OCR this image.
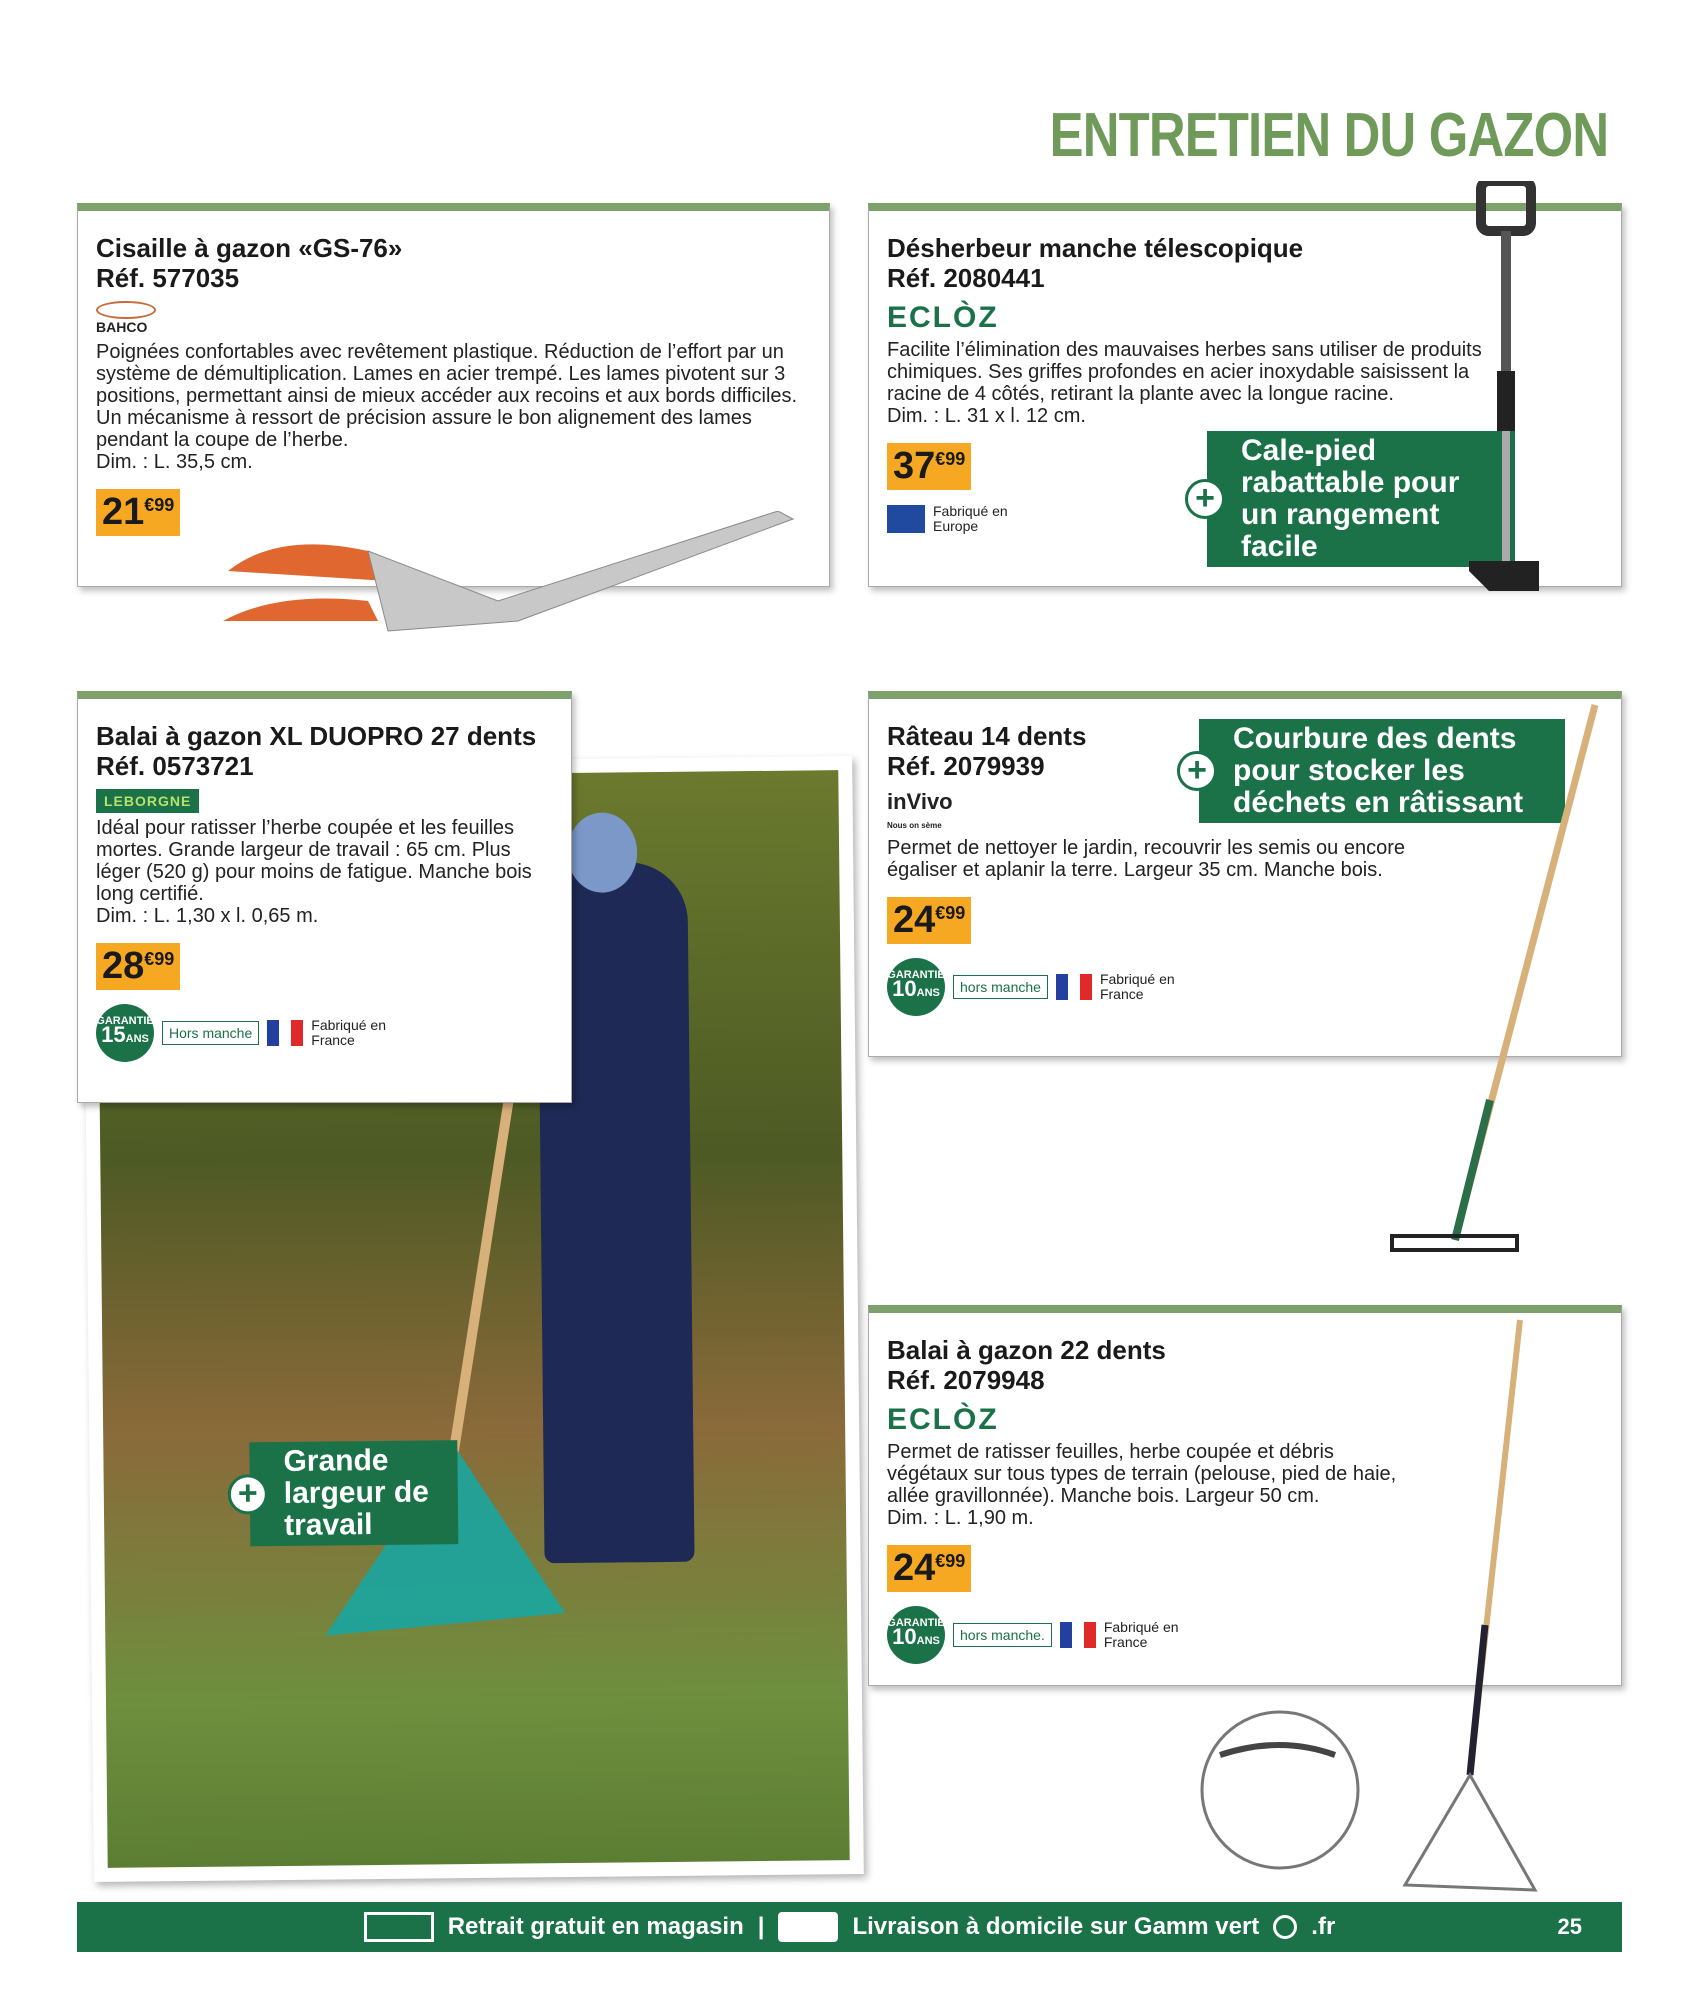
ENTRETIEN DU GAZON
Cisaille à gazon «GS-76»
Réf. 577035
BAHCO
Poignées confortables avec revêtement plastique. Réduction de l’effort par un système de démultiplication. Lames en acier trempé. Les lames pivotent sur 3 positions, permettant ainsi de mieux accéder aux recoins et aux bords difficiles. Un mécanisme à ressort de précision assure le bon alignement des lames pendant la coupe de l’herbe.
Dim. : L. 35,5 cm.
$21^{€99}$
Désherbeur manche télescopique
Réf. 2080441
ECLÒZ
Facilite l’élimination des mauvaises herbes sans utiliser de produits chimiques. Ses griffes profondes en acier inoxydable saisissent la racine de 4 côtés, retirant la plante avec la longue racine.
Dim. : L. 31 x l. 12 cm.
$37^{€99}$
Fabriqué en Europe
+
Cale-pied rabattable pour un rangement facile
+
Grande largeur de travail
Balai à gazon XL DUOPRO 27 dents
Réf. 0573721
LEBORGNE
Idéal pour ratisser l’herbe coupée et les feuilles mortes. Grande largeur de travail : 65 cm. Plus léger (520 g) pour moins de fatigue. Manche bois long certifié.
Dim. : L. 1,30 x l. 0,65 m.
$28^{€99}$
GARANTIE
15ANS	Hors manche	Fabriqué en France
Râteau 14 dents
Réf. 2079939
inVivo
Nous on sème
Permet de nettoyer le jardin, recouvrir les semis ou encore égaliser et aplanir la terre. Largeur 35 cm. Manche bois.
$24^{€99}$
GARANTIE
10ANS	hors manche	Fabriqué en France
+
Courbure des dents pour stocker les déchets en râtissant
Balai à gazon 22 dents
Réf. 2079948
ECLÒZ
Permet de ratisser feuilles, herbe coupée et débris végétaux sur tous types de terrain (pelouse, pied de haie, allée gravillonnée). Manche bois. Largeur 50 cm.
Dim. : L. 1,90 m.
$24^{€99}$
GARANTIE
10ANS	hors manche.	Fabriqué en France
Retrait gratuit en magasin |	Livraison à domicile sur Gamm vert .fr	25
